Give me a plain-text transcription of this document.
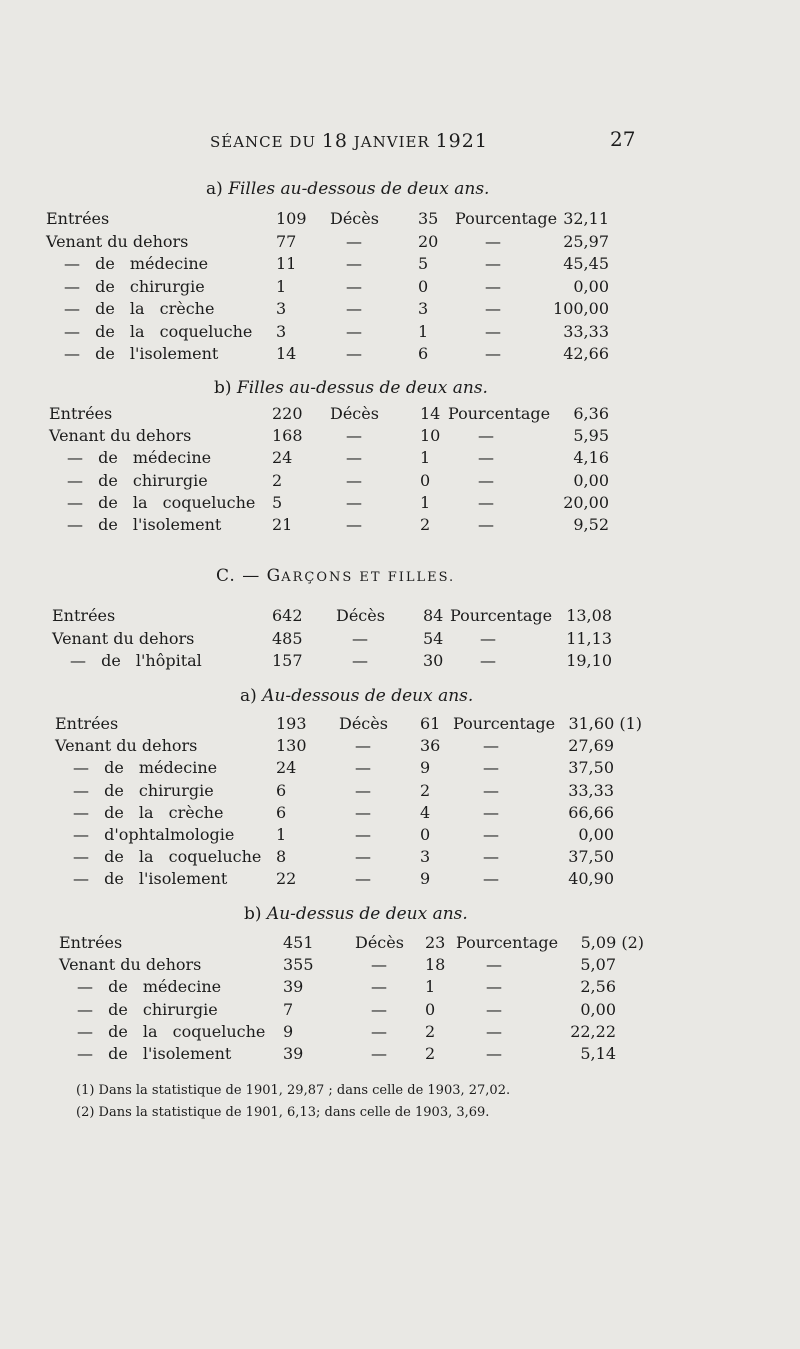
SÉANCE DU 18 JANVIER 1921	27
a) Filles au-dessous de deux ans.
Entrées	109 Décès 35 Pourcentage 32,11
Venant du dehors	77	—	20	—	25,97
— de médecine	11	—	5	—	45,45
— de chirurgie	1	—	0	—	0,00
— de la crèche	3	—	3	—	100,00
— de la coqueluche 3	—	1	—	33,33
— de l'isolement	14	—	6	—	42,66
b) Filles au-dessus de deux ans.
Entrées	220 Décès	14 Pourcentage 6,36
Venant du dehors	168	—	10 —	5,95
— de médecine	24	—	1	—	4,16
— de chirurgie	2	—	0	—	0,00
— de la coqueluche 5	—	1	—	20,00
— de l'isolement	21	—	2	—	9,52
C. — GARÇONS ET FILLES.
Entrées	642 Décès 84 Pourcentage 13,08
Venant du dehors	485	—	54 —	11,13
— de l'hôpital	157	—	30 —	19,10
a) Au-dessous de deux ans.
Entrées	193 Décès 61 Pourcentage 31,60 (1)
Venant du dehors	130	—	36	—	27,69
— de médecine	24	—	9	—	37,50
— de chirurgie	6	—	2	—	33,33
— de la crèche	6	—	4	—	66,66
— d'ophtalmologie	1	—	0	—	0,00
— de la coqueluche 8	—	3	—	37,50
— de l'isolement	22	—	9	—	40,90
b) Au-dessus de deux ans.
Entrées	451	Décès 23 Pourcentage 5,09 (2)
Venant du dehors	355	— 18	—	5,07
— de médecine	39	— 1	—	2,56
— de chirurgie	7	— 0	—	0,00
— de la coqueluche 9	— 2	—	22,22
— de l'isolement	39	— 2	—	5,14
(1) Dans la statistique de 1901, 29,87 ; dans celle de 1903, 27,02.
(2) Dans la statistique de 1901, 6,13; dans celle de 1903, 3,69.
